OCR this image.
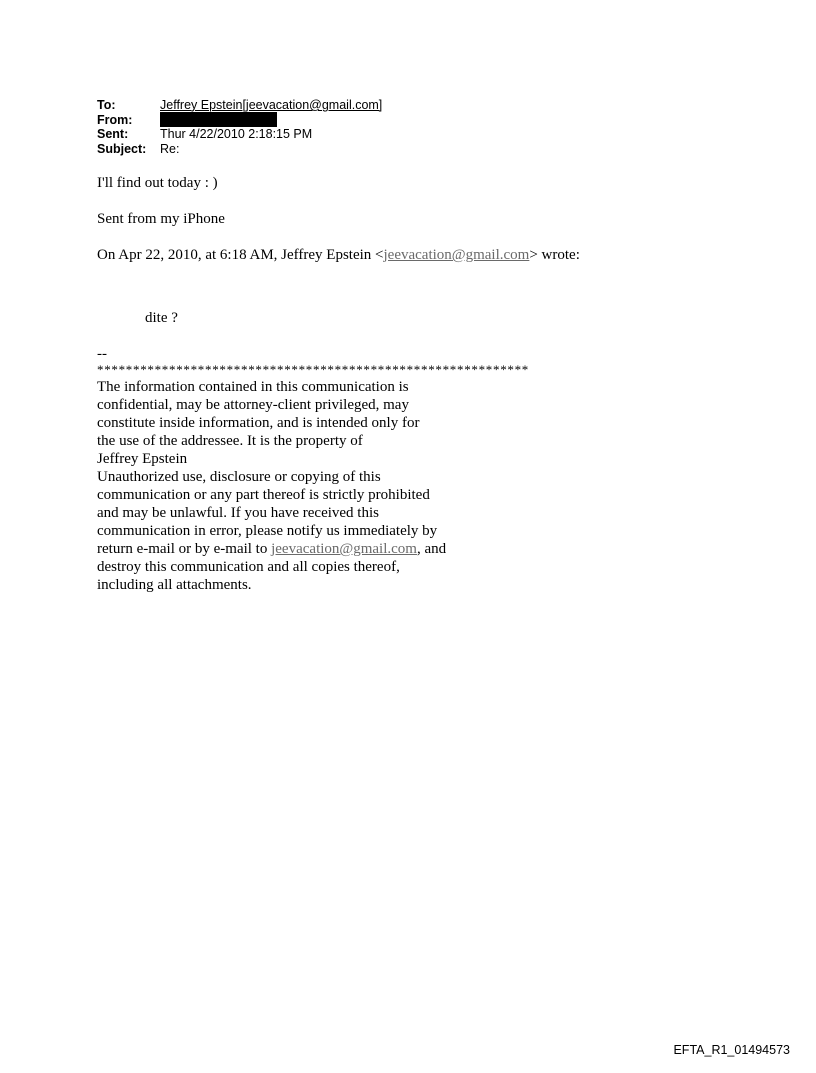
To:	Jeffrey Epstein[jeevacation@gmail.com]
From:
Sent:	Thur 4/22/2010 2:18:15 PM
Subject:	Re:

I'll find out today : )

Sent from my iPhone

On Apr 22, 2010, at 6:18 AM, Jeffrey Epstein <jeevacation@gmail.com> wrote:

dite ?

--

************************************************************

The information contained in this communication is

confidential, may be attorney-client privileged, may

constitute inside information, and is intended only for

the use of the addressee. It is the property of

Jeffrey Epstein

Unauthorized use, disclosure or copying of this

communication or any part thereof is strictly prohibited

and may be unlawful. If you have received this

communication in error, please notify us immediately by

return e-mail or by e-mail to jeevacation@gmail.com, and

destroy this communication and all copies thereof,

including all attachments.

EFTA_R1_01494573
